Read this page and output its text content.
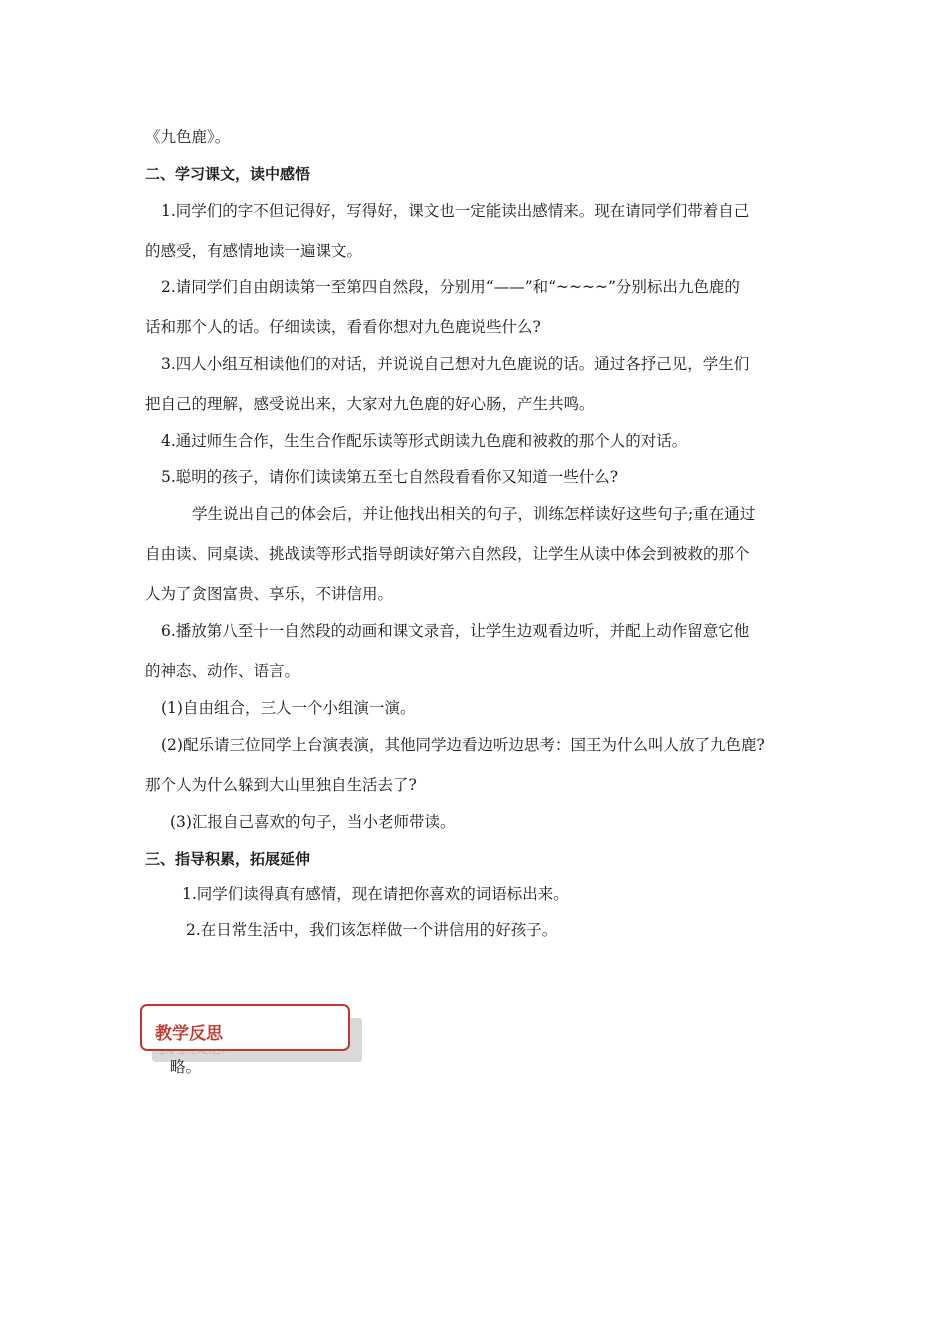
《九色鹿》。
二、学习课文，读中感悟
1.同学们的字不但记得好，写得好，课文也一定能读出感情来。现在请同学们带着自己
的感受，有感情地读一遍课文。
2.请同学们自由朗读第一至第四自然段，分别用“——”和“~~~~”分别标出九色鹿的
话和那个人的话。仔细读读，看看你想对九色鹿说些什么?
3.四人小组互相读他们的对话，并说说自己想对九色鹿说的话。通过各抒己见，学生们
把自己的理解，感受说出来，大家对九色鹿的好心肠，产生共鸣。
4.通过师生合作，生生合作配乐读等形式朗读九色鹿和被救的那个人的对话。
5.聪明的孩子，请你们读读第五至七自然段看看你又知道一些什么?
学生说出自己的体会后，并让他找出相关的句子，训练怎样读好这些句子;重在通过
自由读、同桌读、挑战读等形式指导朗读好第六自然段，让学生从读中体会到被救的那个
人为了贪图富贵、享乐，不讲信用。
6.播放第八至十一自然段的动画和课文录音，让学生边观看边听，并配上动作留意它他
的神态、动作、语言。
(1)自由组合，三人一个小组演一演。
(2)配乐请三位同学上台演表演，其他同学边看边听边思考：国王为什么叫人放了九色鹿?
那个人为什么躲到大山里独自生活去了?
(3)汇报自己喜欢的句子，当小老师带读。
三、指导积累，拓展延伸
1.同学们读得真有感情，现在请把你喜欢的词语标出来。
2.在日常生活中，我们该怎样做一个讲信用的好孩子。
教学反思
略。
